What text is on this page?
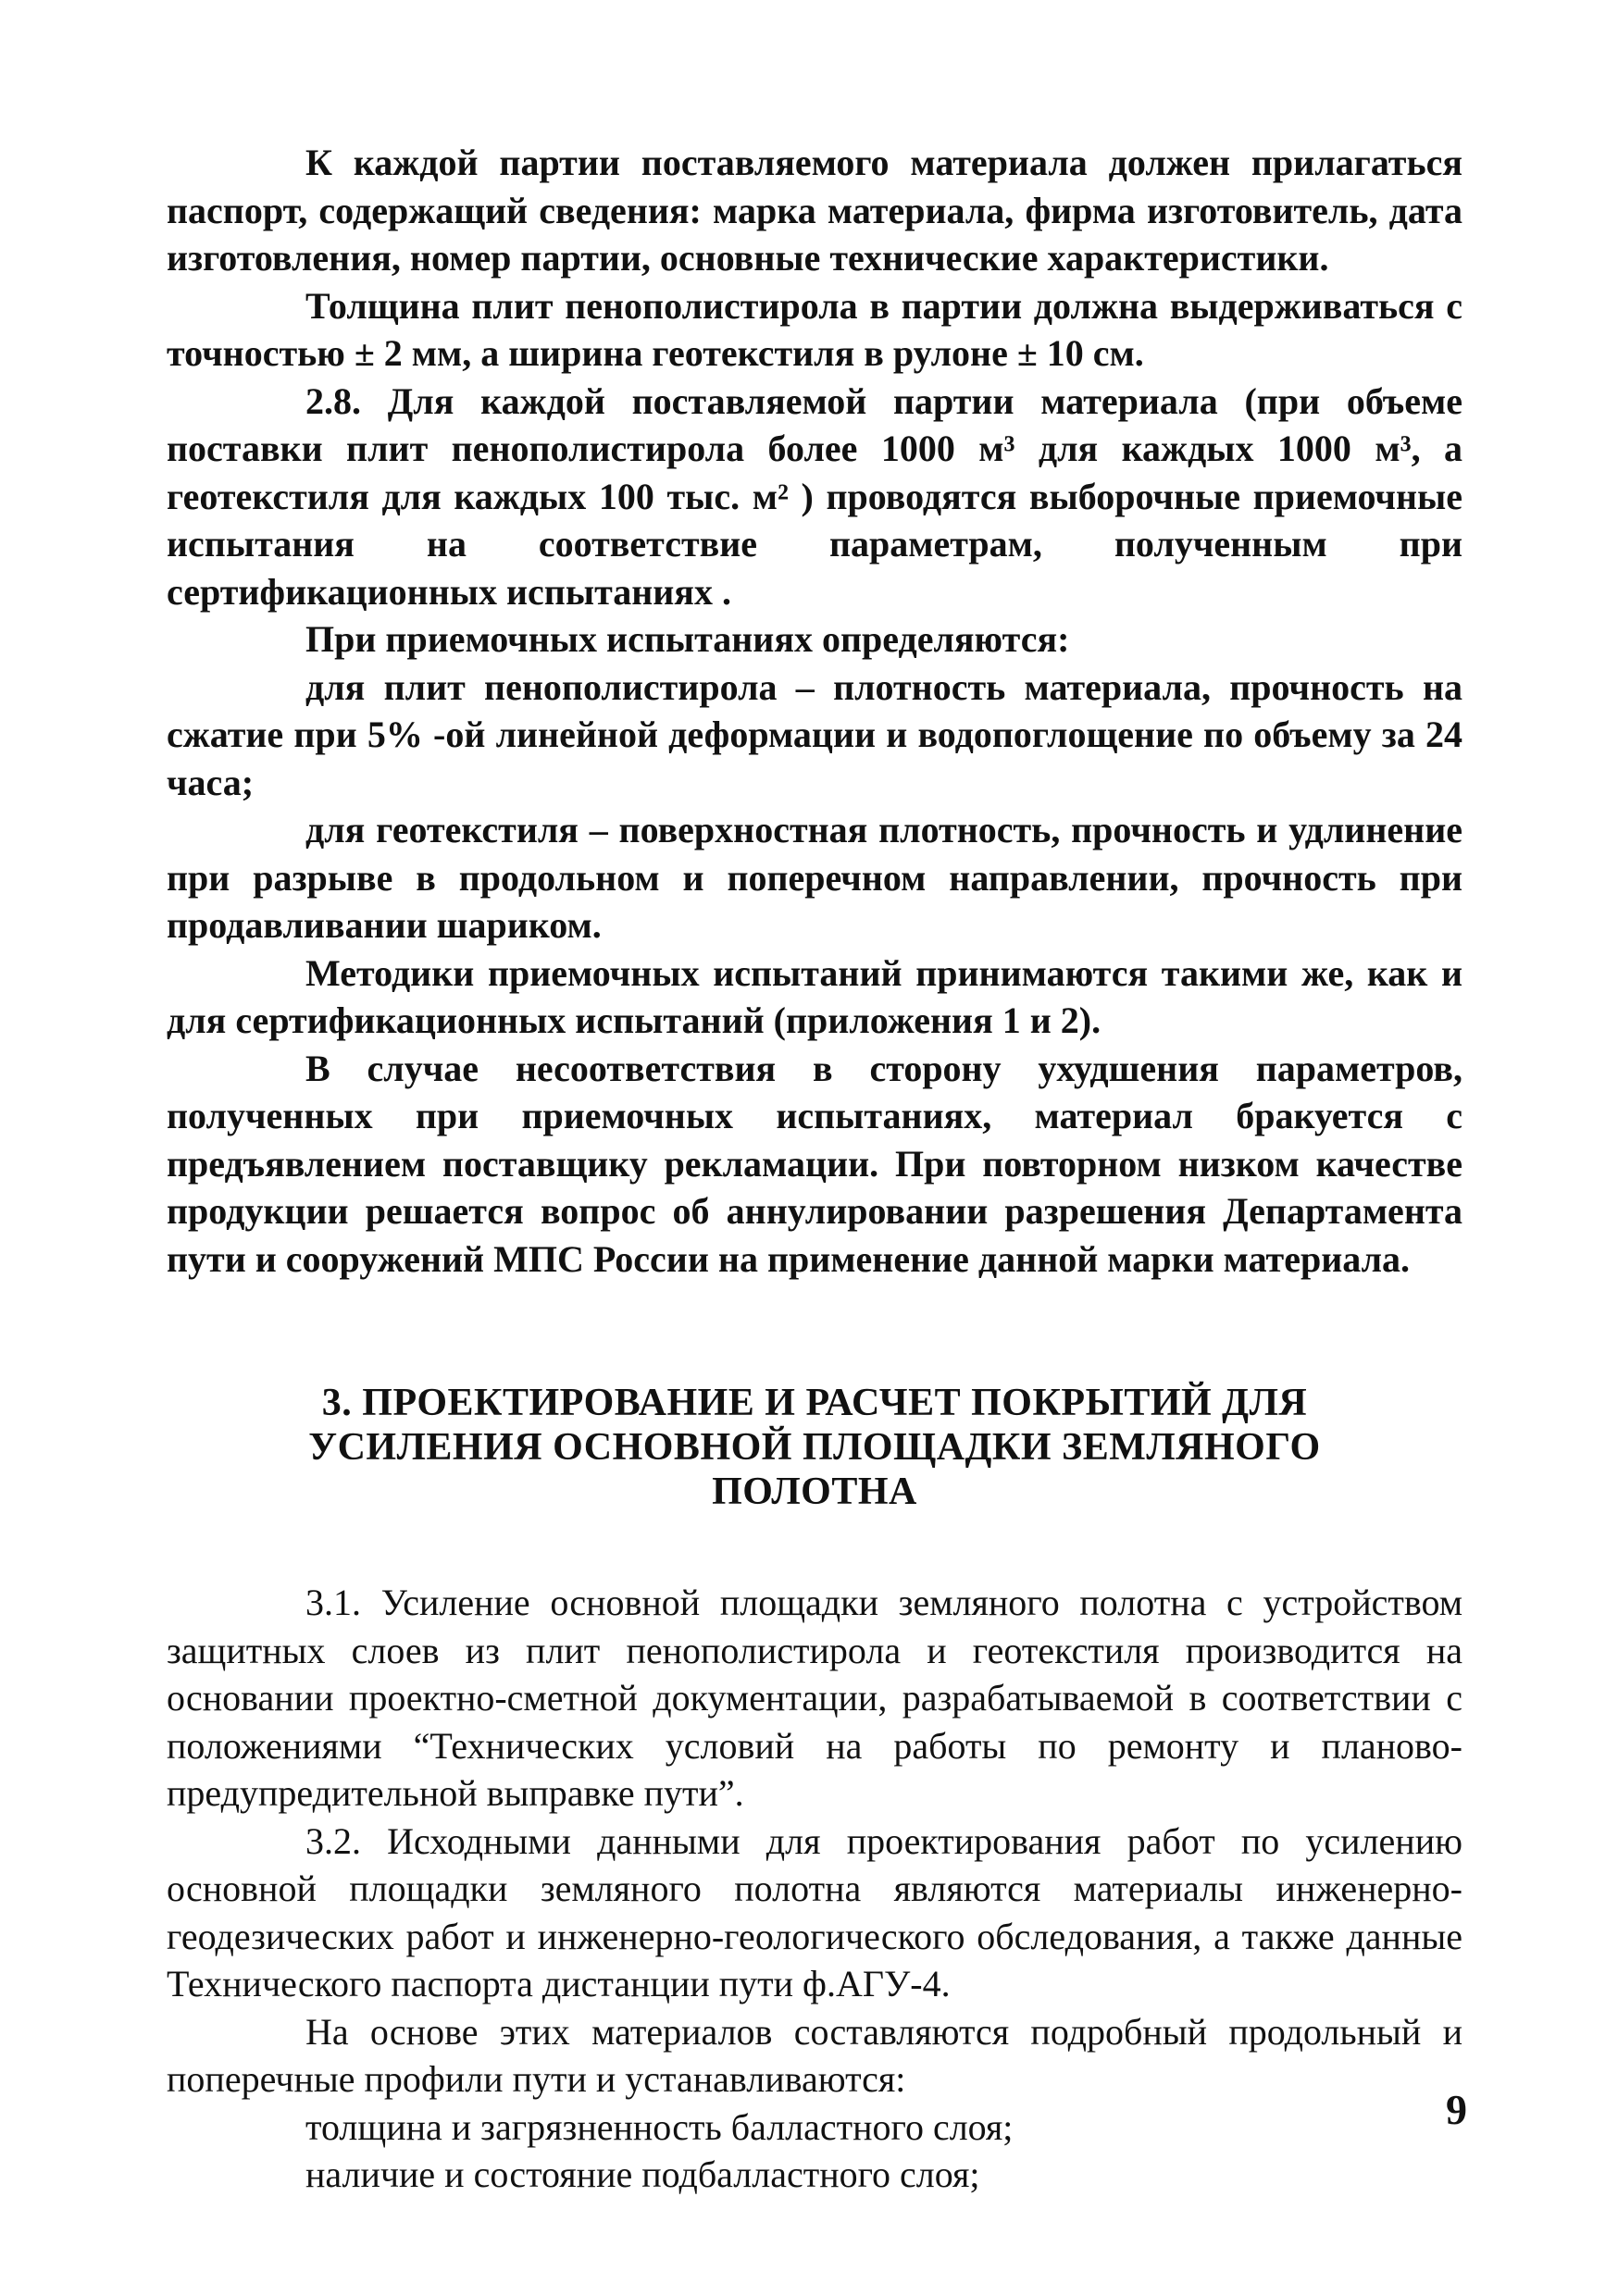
К каждой партии поставляемого материала должен прилагаться паспорт, содержащий сведения: марка материала, фирма изготовитель, дата изготовления, номер партии, основные технические характеристики.

Толщина плит пенополистирола в партии должна выдерживаться с точностью ± 2 мм, а ширина геотекстиля в рулоне ± 10 см.

2.8. Для каждой поставляемой партии материала (при объеме поставки плит пенополистирола более 1000 м³ для каждых 1000 м³, а геотекстиля для каждых 100 тыс. м² ) проводятся выборочные приемочные испытания на соответствие параметрам, полученным при сертификационных испытаниях .

При приемочных испытаниях определяются:

для плит пенополистирола – плотность материала, прочность на сжатие при 5% -ой линейной деформации и водопоглощение по объему за 24 часа;

для геотекстиля – поверхностная плотность, прочность и удлинение при разрыве в продольном и поперечном направлении, прочность при продавливании шариком.

Методики приемочных испытаний принимаются такими же, как и для сертификационных испытаний (приложения 1 и 2).

В случае несоответствия в сторону ухудшения параметров, полученных при приемочных испытаниях, материал бракуется с предъявлением поставщику рекламации. При повторном низком качестве продукции решается вопрос об аннулировании разрешения Департамента пути и сооружений МПС России на применение данной марки материала.

3. ПРОЕКТИРОВАНИЕ И РАСЧЕТ ПОКРЫТИЙ ДЛЯ
УСИЛЕНИЯ ОСНОВНОЙ ПЛОЩАДКИ ЗЕМЛЯНОГО
ПОЛОТНА

3.1. Усиление основной площадки земляного полотна с устройством защитных слоев из плит пенополистирола и геотекстиля производится на основании проектно-сметной документации, разрабатываемой в соответствии с положениями “Технических условий на работы по ремонту и планово-предупредительной выправке пути”.

3.2. Исходными данными для проектирования работ по усилению основной площадки земляного полотна являются материалы инженерно-геодезических работ и инженерно-геологического обследования, а также данные Технического паспорта дистанции пути ф.АГУ-4.

На основе этих материалов составляются подробный продольный и поперечные профили пути и устанавливаются:

толщина и загрязненность балластного слоя;

наличие и состояние подбалластного слоя;

9
